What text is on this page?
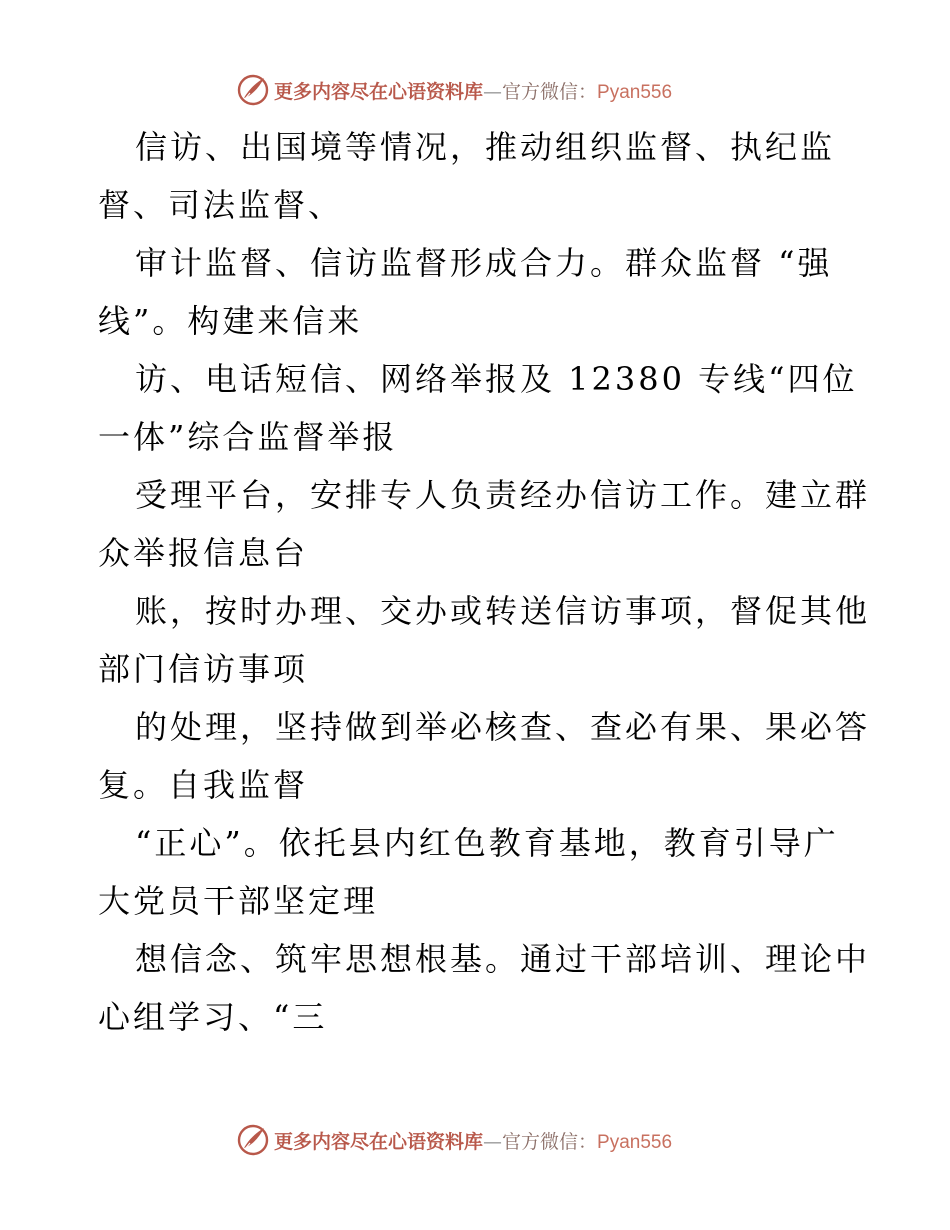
更多内容尽在心语资料库—官方微信：Pyan556
信访、出国境等情况，推动组织监督、执纪监
督、司法监督、
审计监督、信访监督形成合力。群众监督 “强
线”。构建来信来
访、电话短信、网络举报及 12380 专线“四位
一体”综合监督举报
受理平台，安排专人负责经办信访工作。建立群
众举报信息台
账，按时办理、交办或转送信访事项，督促其他
部门信访事项
的处理，坚持做到举必核查、查必有果、果必答
复。自我监督
“正心”。依托县内红色教育基地，教育引导广
大党员干部坚定理
想信念、筑牢思想根基。通过干部培训、理论中
心组学习、“三
更多内容尽在心语资料库—官方微信：Pyan556
